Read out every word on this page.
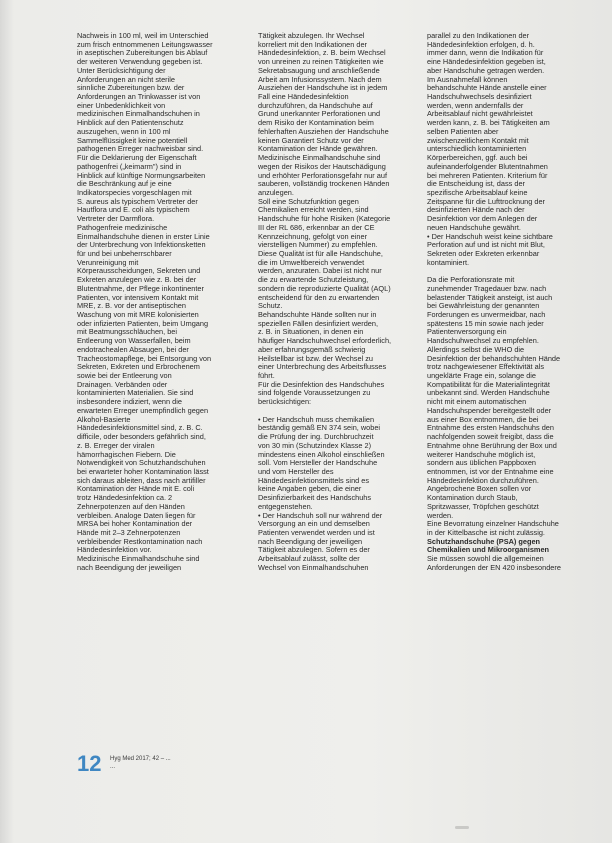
Nachweis in 100 ml, weil im Unterschied
zum frisch entnommenen Leitungswasser
in aseptischen Zubereitungen bis Ablauf
der weiteren Verwendung gegeben ist.
Unter Berücksichtigung der
Anforderungen an nicht sterile
sinnliche Zubereitungen bzw. der
Anforderungen an Trinkwasser ist von
einer Unbedenklichkeit von
medizinischen Einmalhandschuhen in
Hinblick auf den Patientenschutz
auszugehen, wenn in 100 ml
Sammelflüssigkeit keine potentiell
pathogenen Erreger nachweisbar sind.
Für die Deklarierung der Eigenschaft
pathogenfrei („keimarm") sind in
Hinblick auf künftige Normungsarbeiten
die Beschränkung auf je eine
Indikatorspecies vorgeschlagen mit
S. aureus als typischem Vertreter der
Hautflora und E. coli als typischem
Vertreter der Darmflora.
Pathogenfreie medizinische
Einmalhandschuhe dienen in erster Linie
der Unterbrechung von Infektionsketten
für und bei unbeherrschbarer
Verunreinigung mit
Körperausscheidungen, Sekreten und
Exkreten anzulegen wie z. B. bei der
Blutentnahme, der Pflege inkontinenter
Patienten, vor intensivem Kontakt mit
MRE, z. B. vor der antiseptischen
Waschung von mit MRE kolonisierten
oder infizierten Patienten, beim Umgang
mit Beatmungsschläuchen, bei
Entleerung von Wasserfallen, beim
endotrachealen Absaugen, bei der
Tracheostomapflege, bei Entsorgung von
Sekreten, Exkreten und Erbrochenem
sowie bei der Entleerung von
Drainagen. Verbänden oder
kontaminierten Materialien. Sie sind
insbesondere indiziert, wenn die
erwarteten Erreger unempfindlich gegen
Alkohol-Basierte
Händedesinfektionsmittel sind, z. B. C.
difficile, oder besonders gefährlich sind,
z. B. Erreger der viralen
hämorrhagischen Fiebern. Die
Notwendigkeit von Schutzhandschuhen
bei erwarteter hoher Kontamination lässt
sich daraus ableiten, dass nach artifiller
Kontamination der Hände mit E. coli
trotz Händedesinfektion ca. 2
Zehnerpotenzen auf den Händen
verbleiben. Analoge Daten liegen für
MRSA bei hoher Kontamination der
Hände mit 2–3 Zehnerpotenzen
verbleibender Restkontamination nach
Händedesinfektion vor.
Medizinische Einmalhandschuhe sind
nach Beendigung der jeweiligen
Tätigkeit abzulegen. Ihr Wechsel
korreliert mit den Indikationen der
Händedesinfektion, z. B. beim Wechsel
von unreinen zu reinen Tätigkeiten wie
Sekretabsaugung und anschließende
Arbeit am Infusionssystem. Nach dem
Ausziehen der Handschuhe ist in jedem
Fall eine Händedesinfektion
durchzuführen, da Handschuhe auf
Grund unerkannter Perforationen und
dem Risiko der Kontamination beim
fehlerhaften Ausziehen der Handschuhe
keinen Garantiert Schutz vor der
Kontamination der Hände gewähren.
Medizinische Einmalhandschuhe sind
wegen der Risikos der Hautschädigung
und erhöhter Perforationsgefahr nur auf
sauberen, vollständig trockenen Händen
anzulegen.
Soll eine Schutzfunktion gegen
Chemikalien erreicht werden, sind
Handschuhe für hohe Risiken (Kategorie
III der RL 686, erkennbar an der CE
Kennzeichnung, gefolgt von einer
vierstelligen Nummer) zu empfehlen.
Diese Qualität ist für alle Handschuhe,
die im Umweltbereich verwendet
werden, anzuraten. Dabei ist nicht nur
die zu erwartende Schutzleistung,
sondern die reproduzierte Qualität (AQL)
entscheidend für den zu erwartenden
Schutz.
Behandschuhte Hände sollten nur in
speziellen Fällen desinfiziert werden,
z. B. in Situationen, in denen ein
häufiger Handschuhwechsel erforderlich,
aber erfahrungsgemäß schwierig
Heilstellbar ist bzw. der Wechsel zu
einer Unterbrechung des Arbeitsflusses
führt.
Für die Desinfektion des Handschuhes
sind folgende Voraussetzungen zu
berücksichtigen:
• Der Handschuh muss chemikalien
beständig gemäß EN 374 sein, wobei
die Prüfung der ing. Durchbruchzeit
von 30 min (Schutzindex Klasse 2)
mindestens einen Alkohol einschließen
soll. Vom Hersteller der Handschuhe
und vom Hersteller des
Händedesinfektionsmittels sind es
keine Angaben geben, die einer
Desinfizierbarkeit des Handschuhs
entgegenstehen.
• Der Handschuh soll nur während der
Versorgung an ein und demselben
Patienten verwendet werden und ist
nach Beendigung der jeweiligen
Tätigkeit abzulegen. Sofern es der
Arbeitsablauf zulässt, sollte der
Wechsel von Einmalhandschuhen
parallel zu den Indikationen der
Händedesinfektion erfolgen, d. h.
immer dann, wenn die Indikation für
eine Händedesinfektion gegeben ist,
aber Handschuhe getragen werden.
Im Ausnahmefall können
behandschuhte Hände anstelle einer
Handschuhwechsels desinfiziert
werden, wenn andernfalls der
Arbeitsablauf nicht gewährleistet
werden kann, z. B. bei Tätigkeiten am
selben Patienten aber
zwischenzeitlichem Kontakt mit
unterschiedlich kontaminierten
Körperbereichen, ggf. auch bei
aufeinanderfolgender Blutentnahmen
bei mehreren Patienten. Kriterium für
die Entscheidung ist, dass der
spezifische Arbeitsablauf keine
Zeitspanne für die Lufttrocknung der
desinfizierten Hände nach der
Desinfektion vor dem Anlegen der
neuen Handschuhe gewährt.
• Der Handschuh weist keine sichtbare
Perforation auf und ist nicht mit Blut,
Sekreten oder Exkreten erkennbar
kontaminiert.
Da die Perforationsrate mit
zunehmender Tragedauer bzw. nach
belastender Tätigkeit ansteigt, ist auch
bei Gewährleistung der genannten
Forderungen es unvermeidbar, nach
spätestens 15 min sowie nach jeder
Patientenversorgung ein
Handschuhwechsel zu empfehlen.
Allerdings selbst die WHO die
Desinfektion der behandschuhten Hände
trotz nachgewiesener Effektivität als
ungeklärte Frage ein, solange die
Kompatibilität für die Materialintegrität
unbekannt sind. Werden Handschuhe
nicht mit einem automatischen
Handschuhspender bereitgestellt oder
aus einer Box entnommen, die bei
Entnahme des ersten Handschuhs den
nachfolgenden soweit freigibt, dass die
Entnahme ohne Berührung der Box und
weiterer Handschuhe möglich ist,
sondern aus üblichen Pappboxen
entnommen, ist vor der Entnahme eine
Händedesinfektion durchzuführen.
Angebrochene Boxen sollen vor
Kontamination durch Staub,
Spritzwasser, Tröpfchen geschützt
werden.
Eine Bevorratung einzelner Handschuhe
in der Kittelbasche ist nicht zulässig.
Schutzhandschuhe (PSA) gegen
Chemikalien und Mikroorganismen
Sie müssen sowohl die allgemeinen
Anforderungen der EN 420 insbesondere
12 Hyg Med 2017; 42 – ...
...
